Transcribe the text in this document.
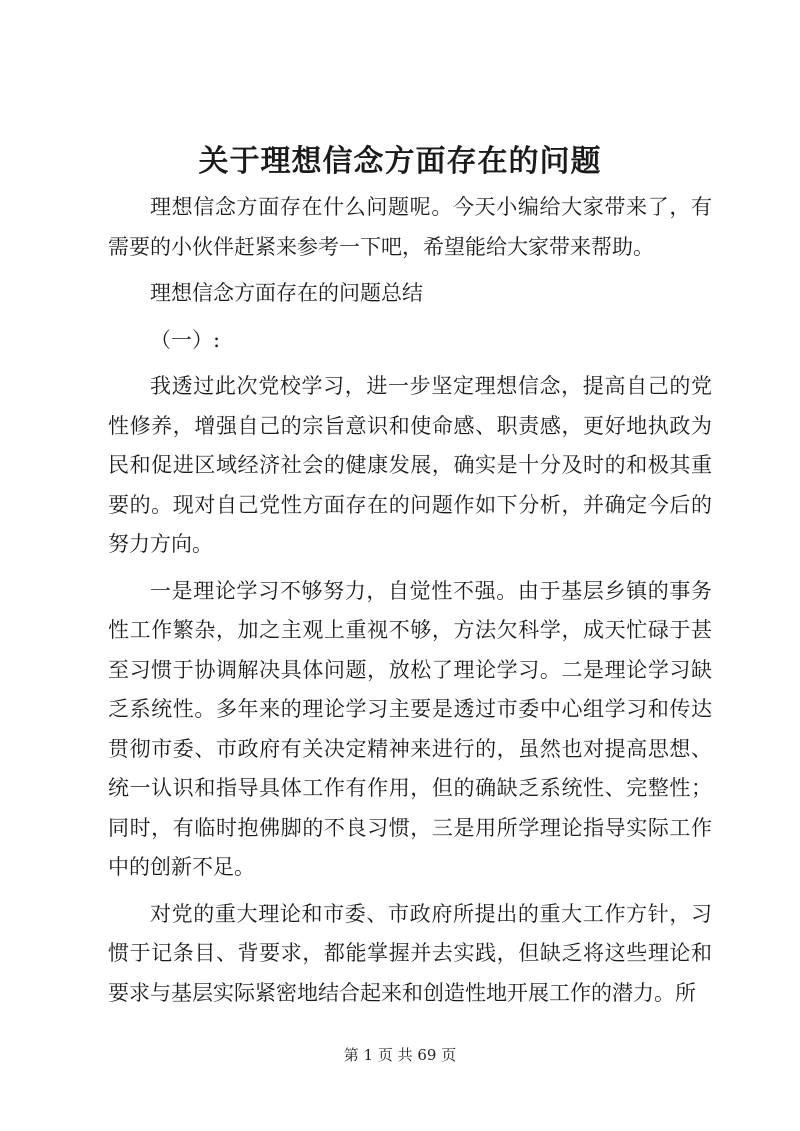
关于理想信念方面存在的问题

理想信念方面存在什么问题呢。今天小编给大家带来了，有需要的小伙伴赶紧来参考一下吧，希望能给大家带来帮助。

理想信念方面存在的问题总结

（一）:

我透过此次党校学习，进一步坚定理想信念，提高自己的党性修养，增强自己的宗旨意识和使命感、职责感，更好地执政为民和促进区域经济社会的健康发展，确实是十分及时的和极其重要的。现对自己党性方面存在的问题作如下分析，并确定今后的努力方向。

一是理论学习不够努力，自觉性不强。由于基层乡镇的事务性工作繁杂，加之主观上重视不够，方法欠科学，成天忙碌于甚至习惯于协调解决具体问题，放松了理论学习。二是理论学习缺乏系统性。多年来的理论学习主要是透过市委中心组学习和传达贯彻市委、市政府有关决定精神来进行的，虽然也对提高思想、统一认识和指导具体工作有作用，但的确缺乏系统性、完整性；同时，有临时抱佛脚的不良习惯，三是用所学理论指导实际工作中的创新不足。

对党的重大理论和市委、市政府所提出的重大工作方针，习惯于记条目、背要求，都能掌握并去实践，但缺乏将这些理论和要求与基层实际紧密地结合起来和创造性地开展工作的潜力。所

第 1 页 共 69 页
